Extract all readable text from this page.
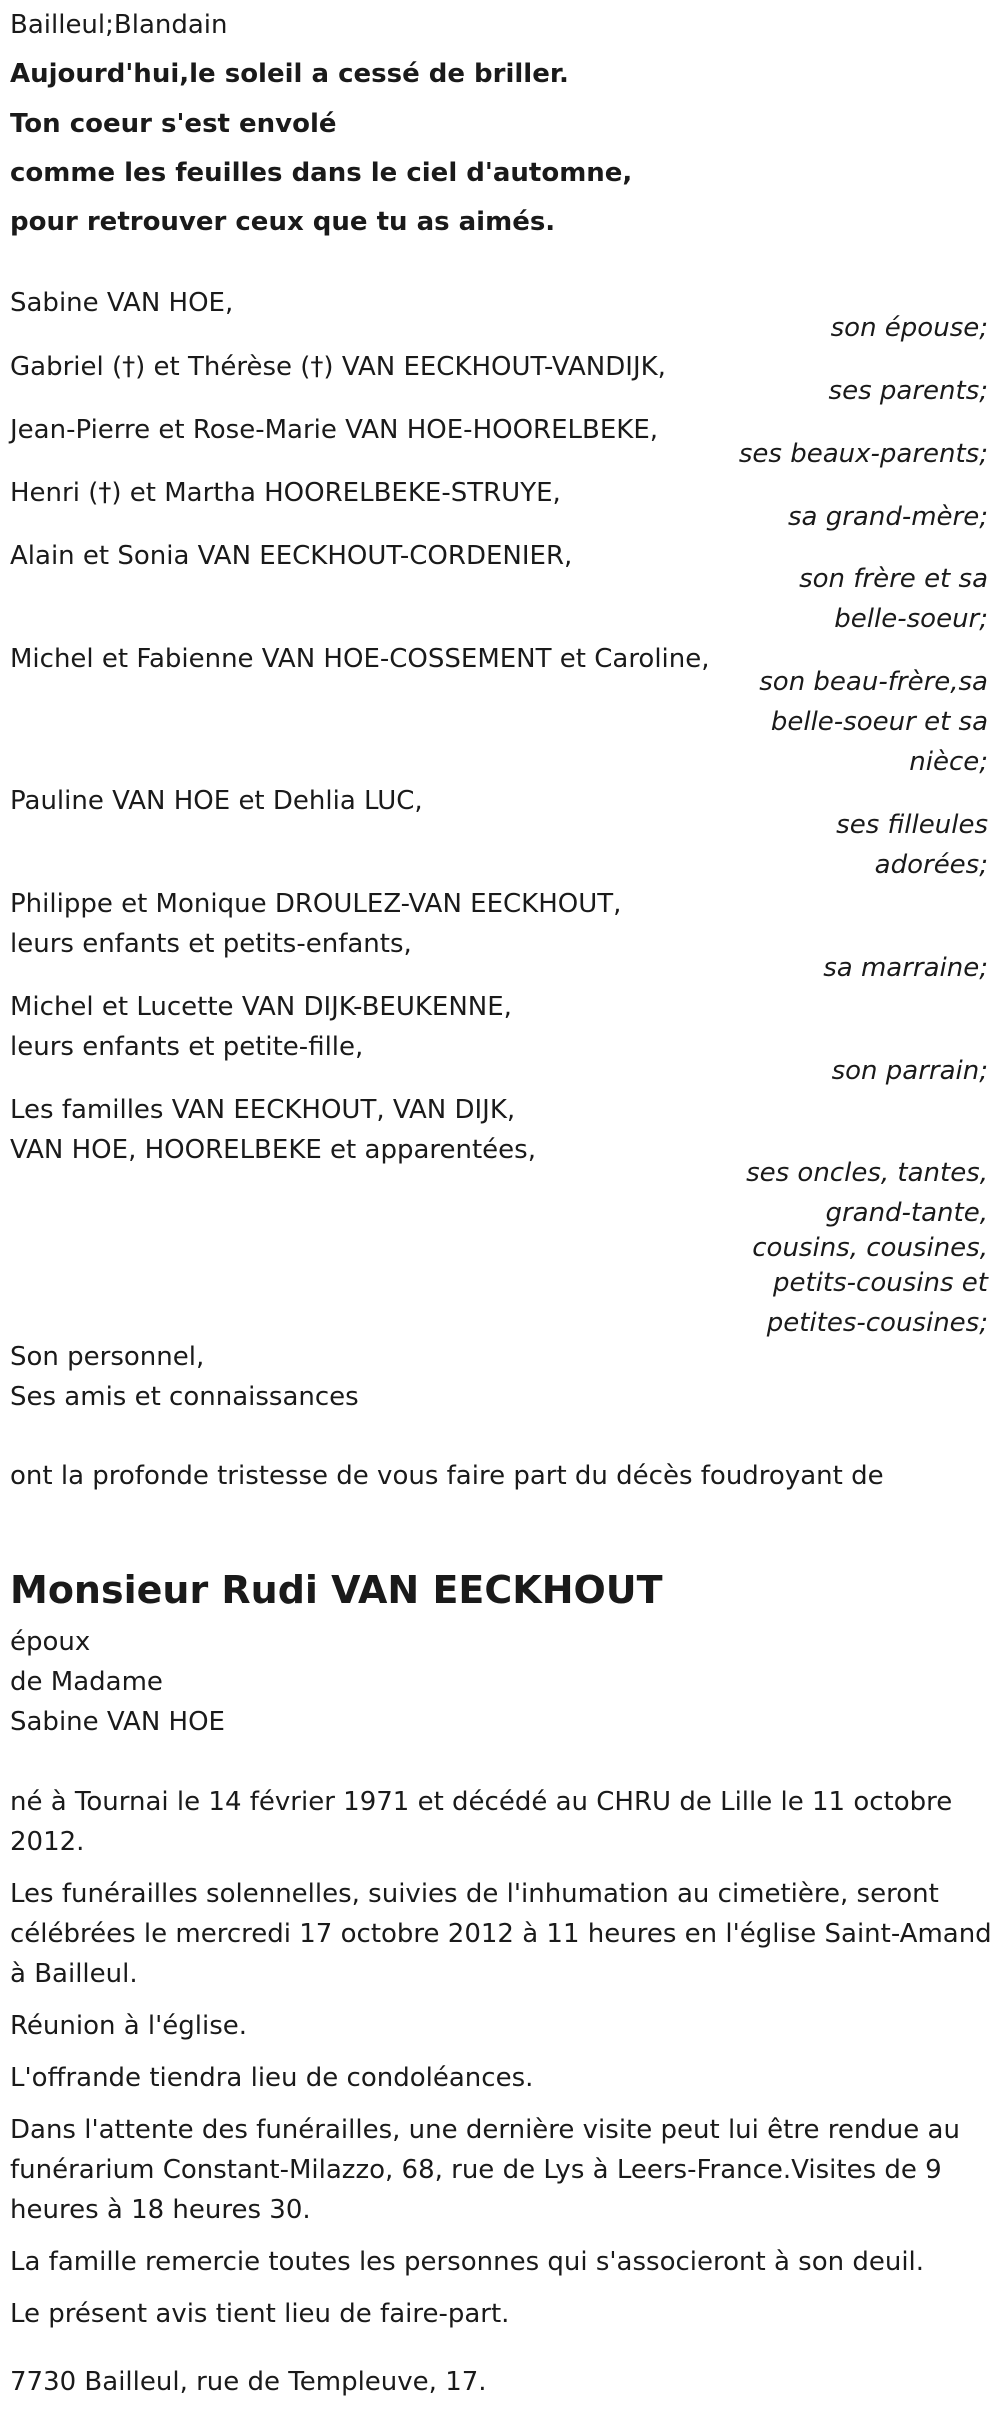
Bailleul;Blandain

Aujourd'hui,le soleil a cessé de briller.

Ton coeur s'est envolé

comme les feuilles dans le ciel d'automne,

pour retrouver ceux que tu as aimés.

Sabine VAN HOE,

Gabriel (†) et Thérèse (†) VAN EECKHOUT-VANDIJK,

Jean-Pierre et Rose-Marie VAN HOE-HOORELBEKE,

Henri (†) et Martha HOORELBEKE-STRUYE,

Alain et Sonia VAN EECKHOUT-CORDENIER,

Michel et Fabienne VAN HOE-COSSEMENT et Caroline,

Pauline VAN HOE et Dehlia LUC,

Philippe et Monique DROULEZ-VAN EECKHOUT,

leurs enfants et petits-enfants,

Michel et Lucette VAN DIJK-BEUKENNE,

leurs enfants et petite-fille,

Les familles VAN EECKHOUT, VAN DIJK,

VAN HOE, HOORELBEKE et apparentées,

son épouse;
ses parents;
ses beaux-parents;
sa grand-mère;
son frère et sa
belle-soeur;
son beau-frère,sa
belle-soeur et sa
nièce;
ses filleules
adorées;
sa marraine;
son parrain;
ses oncles, tantes,
grand-tante,
cousins, cousines,
petits-cousins et
petites-cousines;

Son personnel,

Ses amis et connaissances

ont la profonde tristesse de vous faire part du décès foudroyant de

Monsieur Rudi VAN EECKHOUT

époux

de Madame

Sabine VAN HOE

né à Tournai le 14 février 1971 et décédé au CHRU de Lille le 11 octobre

2012.

Les funérailles solennelles, suivies de l'inhumation au cimetière, seront

célébrées le mercredi 17 octobre 2012 à 11 heures en l'église Saint-Amand

à Bailleul.

Réunion à l'église.

L'offrande tiendra lieu de condoléances.

Dans l'attente des funérailles, une dernière visite peut lui être rendue au

funérarium Constant-Milazzo, 68, rue de Lys à Leers-France.Visites de 9

heures à 18 heures 30.

La famille remercie toutes les personnes qui s'associeront à son deuil.

Le présent avis tient lieu de faire-part.

7730 Bailleul, rue de Templeuve, 17.
